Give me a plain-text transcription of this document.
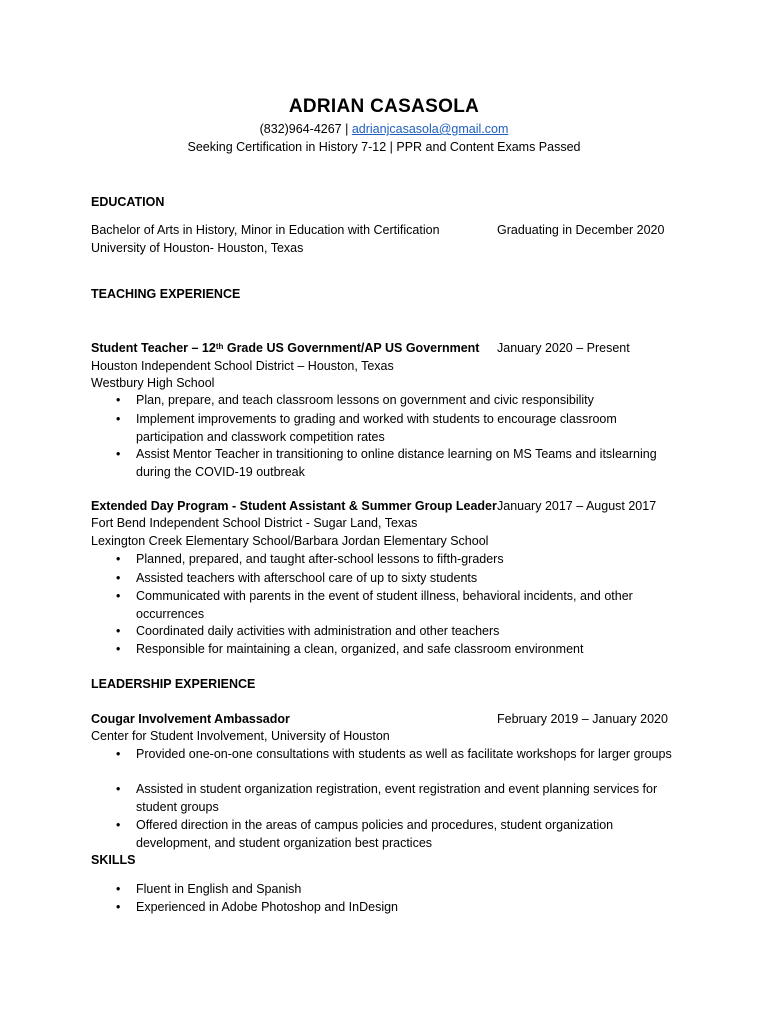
ADRIAN CASASOLA
(832)964-4267 | adrianjcasasola@gmail.com
Seeking Certification in History 7-12 | PPR and Content Exams Passed
EDUCATION
Bachelor of Arts in History, Minor in Education with Certification	Graduating in December 2020
University of Houston- Houston, Texas
TEACHING EXPERIENCE
Student Teacher – 12th Grade US Government/AP US Government January 2020 – Present
Houston Independent School District – Houston, Texas
Westbury High School
• Plan, prepare, and teach classroom lessons on government and civic responsibility
• Implement improvements to grading and worked with students to encourage classroom participation and classwork competition rates
• Assist Mentor Teacher in transitioning to online distance learning on MS Teams and itslearning during the COVID-19 outbreak
Extended Day Program - Student Assistant & Summer Group Leader January 2017 – August 2017
Fort Bend Independent School District - Sugar Land, Texas
Lexington Creek Elementary School/Barbara Jordan Elementary School
• Planned, prepared, and taught after-school lessons to fifth-graders
• Assisted teachers with afterschool care of up to sixty students
• Communicated with parents in the event of student illness, behavioral incidents, and other occurrences
• Coordinated daily activities with administration and other teachers
• Responsible for maintaining a clean, organized, and safe classroom environment
LEADERSHIP EXPERIENCE
Cougar Involvement Ambassador	February 2019 – January 2020
Center for Student Involvement, University of Houston
• Provided one-on-one consultations with students as well as facilitate workshops for larger groups
• Assisted in student organization registration, event registration and event planning services for student groups
• Offered direction in the areas of campus policies and procedures, student organization development, and student organization best practices
SKILLS
• Fluent in English and Spanish
• Experienced in Adobe Photoshop and InDesign
